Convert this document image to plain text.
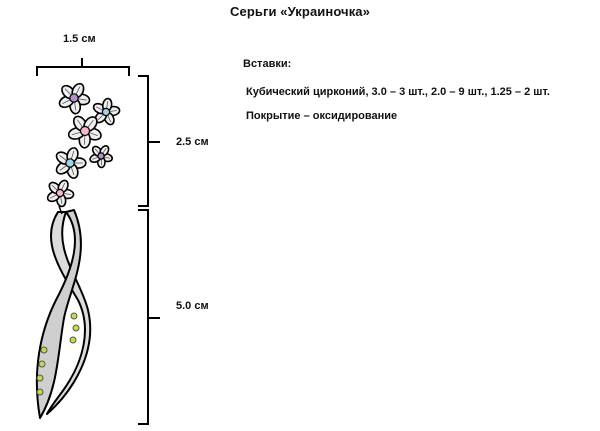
Серьги «Украиночка»
1.5 см
2.5 см
5.0 см
Вставки:
Кубический цирконий, 3.0 – 3 шт., 2.0 – 9 шт., 1.25 – 2 шт.
Покрытие – оксидирование
